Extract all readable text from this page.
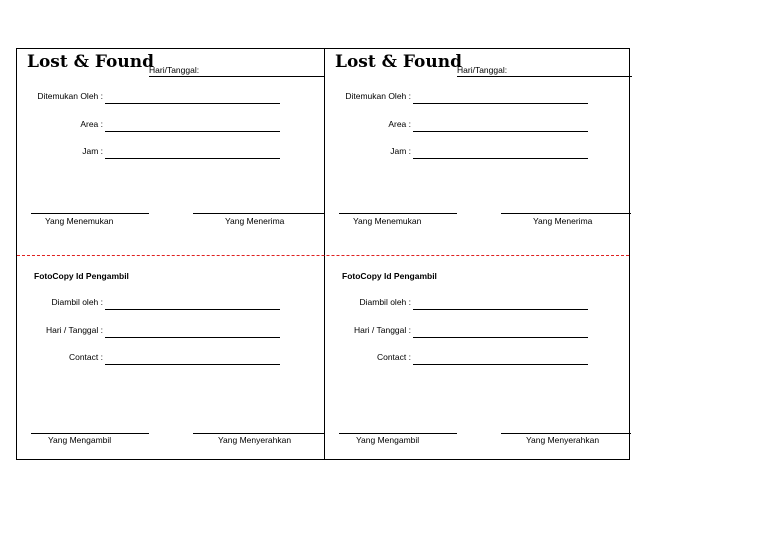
Lost & Found
Hari/Tanggal:
Ditemukan Oleh :
Area :
Jam :
Yang Menemukan	Yang Menerima
FotoCopy Id Pengambil
Diambil oleh :
Hari / Tanggal :
Contact :
Yang Mengambil	Yang Menyerahkan
Lost & Found
Hari/Tanggal:
Ditemukan Oleh :
Area :
Jam :
Yang Menemukan	Yang Menerima
FotoCopy Id Pengambil
Diambil oleh :
Hari / Tanggal :
Contact :
Yang Mengambil	Yang Menyerahkan
